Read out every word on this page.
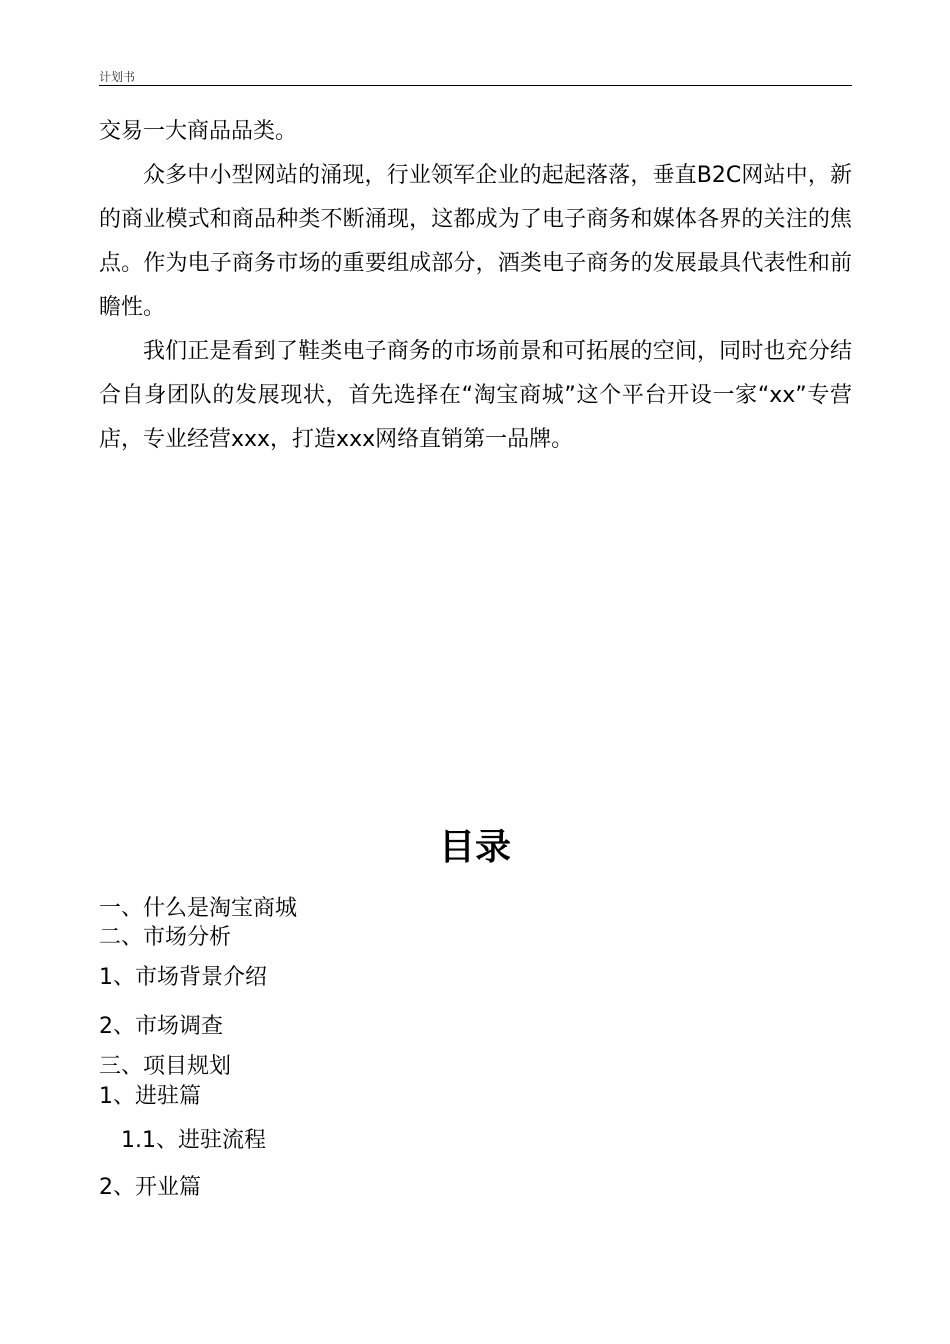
计划书

交易一大商品品类。

众多中小型网站的涌现，行业领军企业的起起落落，垂直B2C网站中，新的商业模式和商品种类不断涌现，这都成为了电子商务和媒体各界的关注的焦点。作为电子商务市场的重要组成部分，酒类电子商务的发展最具代表性和前瞻性。

我们正是看到了鞋类电子商务的市场前景和可拓展的空间，同时也充分结合自身团队的发展现状，首先选择在“淘宝商城”这个平台开设一家“xx”专营店，专业经营xxx，打造xxx网络直销第一品牌。

目录
一、什么是淘宝商城
二、市场分析
1、市场背景介绍
2、市场调查
三、项目规划
1、进驻篇
1.1、进驻流程
2、开业篇
